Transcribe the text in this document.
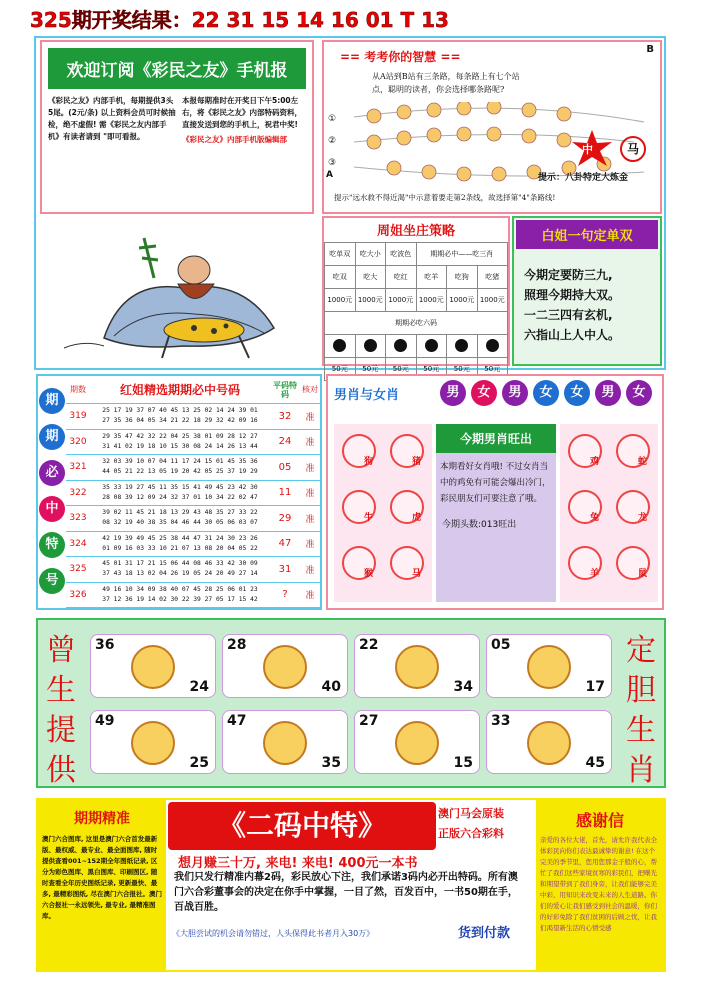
325期开奖结果：22 31 15 14 16 01 T 13
欢迎订阅《彩民之友》手机报
《彩民之友》内部手机，每期提供3头5尾。(2元/条) 以上资料会员可时候抽检，绝不虚假! 需《彩民之友内部手机》有读者请到 "即可看报。
本报每期准时在开奖日下午5:00左右，将《彩民之友》内部特码资料，直接发送到您的手机上，祝君中奖!
《彩民之友》内部手机版编辑部
== 考考你的智慧 ==
B
从A站到B站有三条路，每条路上有七个站点，聪明的读者，你会选择哪条路呢?
①
②
③
A
中	马
提示：八卦特定大炼金
提示"远水救不得近渴"中示意着要走第2条线，故选择第"4"条路线!
周姐坐庄策略
吃单双	吃大小	吃波色	期期必中——吃三肖		
吃双	吃大	吃红	吃羊	吃狗	吃猪
1000元	1000元	1000元	1000元	1000元	1000元
期期必吃六码					

50元	50元	50元	50元	50元	50元
白姐一句定单双
今期定要防三九,
照理今期持大双。
一二三四有玄机,
六指山上人中人。
期
期
必
中
特
号
期数	红姐精选期期必中号码	平码特码	核对
319
25 17 19 37 07 40 45 13 25 02 14 24 39 01
27 35 36 04 05 34 21 22 18 29 32 42 09 16	32	准
320
29 35 47 42 32 22 04 25 38 01 09 28 12 27
31 41 02 19 18 10 15 30 08 24 14 26 13 44	24	准
321
32 03 39 10 07 04 11 17 24 15 01 45 35 36
44 05 21 22 13 05 19 20 42 05 25 37 19 29	05	准
322
35 33 19 27 45 11 35 15 41 49 45 23 42 30
28 08 39 12 09 24 32 37 01 10 34 22 02 47	11	准
323
39 02 11 45 21 18 13 29 43 48 35 27 33 22
08 32 19 40 38 35 04 46 44 30 05 06 03 07	29	准
324
42 19 39 49 45 25 38 44 47 31 24 30 23 26
01 09 16 03 33 10 21 07 13 08 20 04 05 22	47	准
325
45 01 31 17 21 15 06 44 08 46 33 42 30 09
37 43 18 13 02 04 26 19 05 24 20 49 27 14	31	准
326
49 16 10 34 09 38 40 07 45 28 25 06 01 23
37 12 36 19 14 02 30 22 39 27 05 17 15 42	?	准
男肖与女肖	男	女	男	女	女	男	女
狗	猪
牛	虎
猴	马
今期男肖旺出
本期看好女肖哦! 不过女肖当中的鸡免有可能会爆出冷门，彩民朋友们可要注意了哦。
今期头数:013旺出
鸡	蛇
兔	龙
羊	鼠
曾
生
提
供
定
胆
生
肖
36
24
28
40
22
34
05
17
49
25
47
35
27
15
33
45
期期精准
澳门六合图库, 这里是澳门六合首发最新版、最权威、最专业、最全面图库, 随时提供查看001~152期全年图纸记录, 区分为彩色图库、黑白图库、印刷图区, 随时查看全年历史图纸记录, 更新最快、最多, 最精彩图纸, 尽在澳门六合报社。澳门六合报社一永远领先, 最专业, 最精准图库。
《二码中特》	澳门马会原装
正版六合彩料
想月赚三十万, 来电! 来电! 400元一本书
我们只发行精准内幕2码，彩民放心下注，我们承诺3码内必开出特码。所有澳门六合彩董事会的决定在你手中掌握，一目了然，百发百中，一书50期在手，百战百胜。
《大胆尝试的机会请勿错过，人头保得此书者月入30万》	货到付款
感谢信
亲爱的各位大佬，首先，请允许我代表全体彩民向你们表达最诚挚的谢意! 在这个完美的季节里，您用您那金子般的心，帮忙了我们这些家境贫寒的彩民们，把曙光和期望带到了我们身旁，让我们能够完美中彩，用知识来改变未来的人生道路。你们的爱心让我们感受到社会的温暖，你们的好彩免除了我们贫困的后顾之忧，让我们渴望新生活的心情受感
